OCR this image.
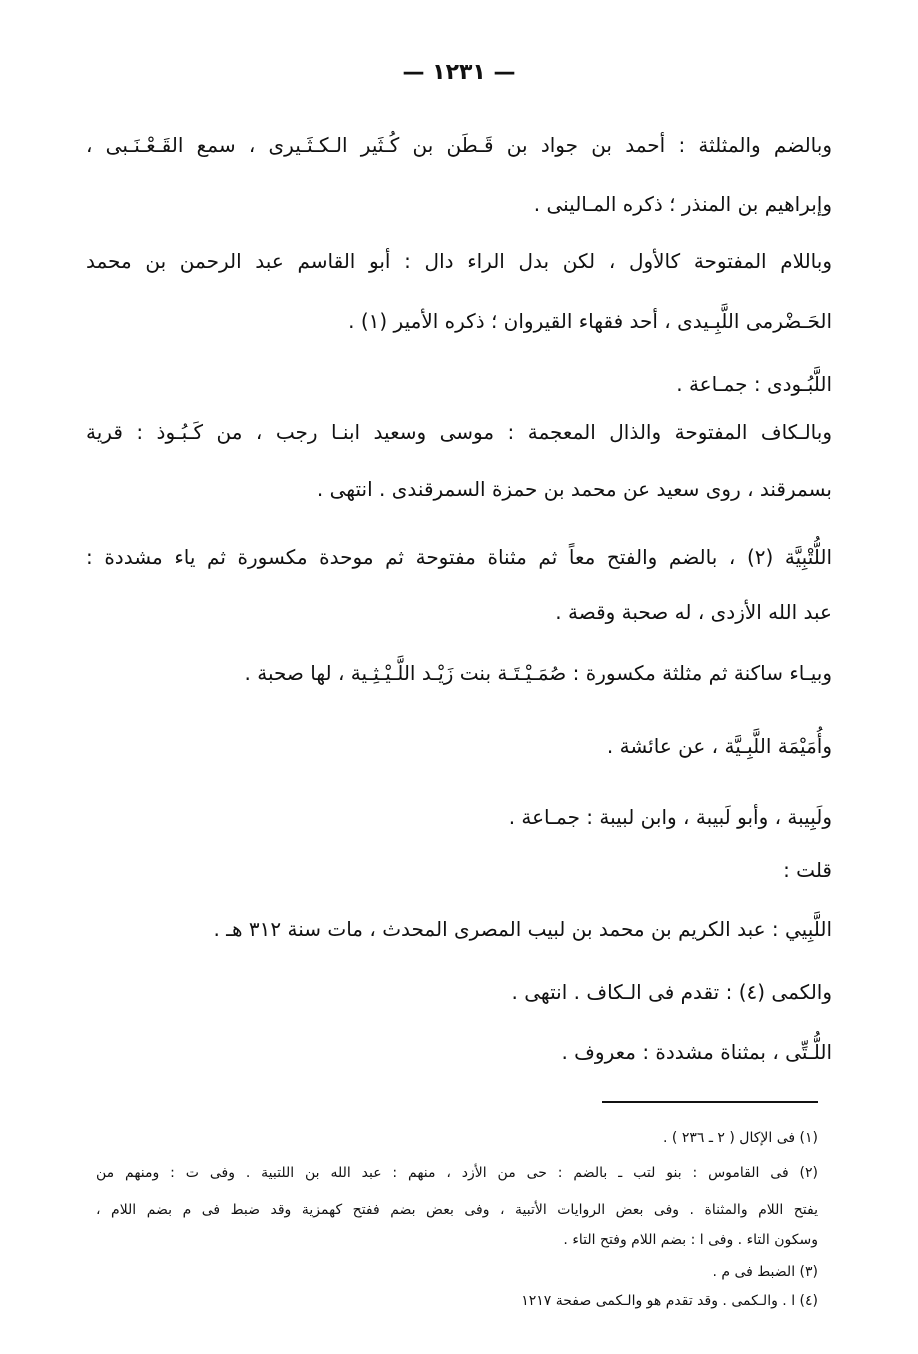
— ١٢٣١ —
وبالضم والمثلثة : أحمد بن جواد بن قَـطَن بن كُـثَير الـكـثَـيرى ، سمع القَـعْـنَـبى ،
وإبراهيم بن المنذر ؛ ذكره المـالينى .
وباللام المفتوحة كالأول ، لكن بدل الراء دال : أبو القاسم عبد الرحمن بن محمد
الحَـضْرمى اللَّبِـيدى ، أحد فقهاء القيروان ؛ ذكره الأمير (١) .
اللَّبُـودى : جمـاعة .
وبالـكاف المفتوحة والذال المعجمة : موسى وسعيد ابنـا رجب ، من كَـبُـوذ : قرية
بسمرقند ، روى سعيد عن محمد بن حمزة السمرقندى . انتهى .
اللُّتْبِيَّة (٢) ، بالضم والفتح معاً ثم مثناة مفتوحة ثم موحدة مكسورة ثم ياء مشددة :
عبد الله الأزدى ، له صحبة وقصة .
وبيـاء ساكنة ثم مثلثة مكسورة : صُمَـيْـتَـة بنت زَيْـد اللَّـيْـثِـية ، لها صحبة .
وأُمَيْمَة اللَّبِـيَّة ، عن عائشة .
ولَبِيبة ، وأبو لَبيبة ، وابن لبيبة : جمـاعة .
قلت :
اللَّبِيي : عبد الكريم بن محمد بن لبيب المصرى المحدث ، مات سنة ٣١٢ هـ .
والكمى (٤) : تقدم فى الـكاف . انتهى .
اللُّـتِّى ، بمثناة مشددة : معروف .
(١) فى الإكال ( ٢ ـ ٢٣٦ ) .
(٢) فى القاموس : بنو لتب ـ بالضم : حى من الأزد ، منهم : عبد الله بن اللتبية . وفى ت : ومنهم من
يفتح اللام والمثناة . وفى بعض الروايات الأتبية ، وفى بعض بضم ففتح كهمزية وقد ضبط فى م بضم اللام ،
وسكون التاء . وفى ا : بضم اللام وفتح التاء .
(٣) الضبط فى م .
(٤) ا . والـكمى . وقد تقدم هو والـكمى صفحة ١٢١٧
